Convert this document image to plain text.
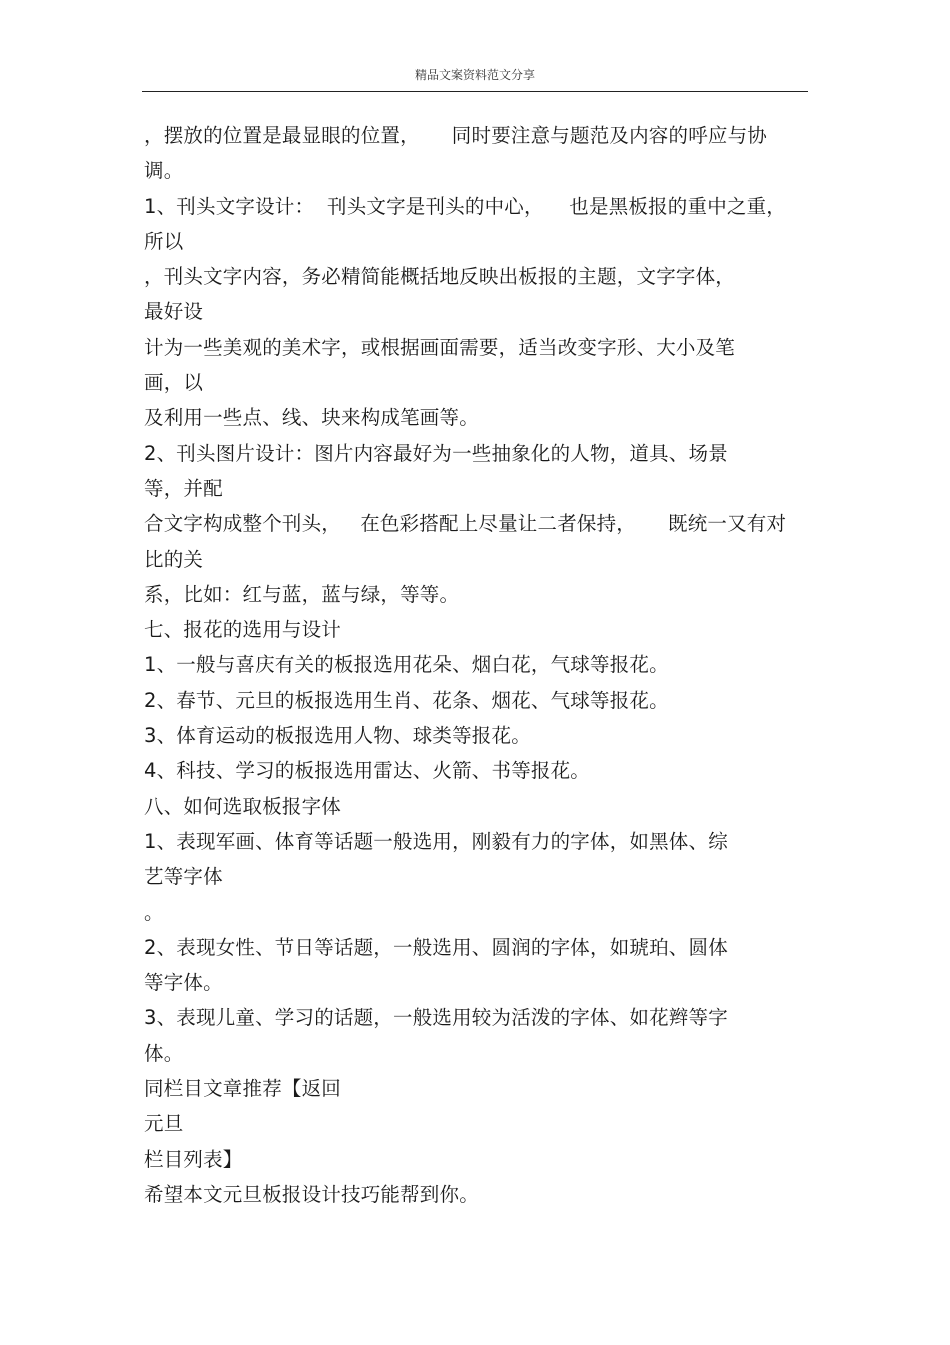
精品文案资料范文分享
，摆放的位置是最显眼的位置，     同时要注意与题范及内容的呼应与协
调。
1、刊头文字设计：  刊头文字是刊头的中心，    也是黑板报的重中之重，
所以
，刊头文字内容，务必精简能概括地反映出板报的主题，文字字体，
最好设
计为一些美观的美术字，或根据画面需要，适当改变字形、大小及笔
画，以
及利用一些点、线、块来构成笔画等。
2、刊头图片设计：图片内容最好为一些抽象化的人物，道具、场景
等，并配
合文字构成整个刊头，   在色彩搭配上尽量让二者保持，     既统一又有对
比的关
系，比如：红与蓝，蓝与绿，等等。
七、报花的选用与设计
1、一般与喜庆有关的板报选用花朵、烟白花，气球等报花。
2、春节、元旦的板报选用生肖、花条、烟花、气球等报花。
3、体育运动的板报选用人物、球类等报花。
4、科技、学习的板报选用雷达、火箭、书等报花。
八、如何选取板报字体
1、表现军画、体育等话题一般选用，刚毅有力的字体，如黑体、综
艺等字体
。
2、表现女性、节日等话题，一般选用、圆润的字体，如琥珀、圆体
等字体。
3、表现儿童、学习的话题，一般选用较为活泼的字体、如花辫等字
体。
同栏目文章推荐【返回
元旦
栏目列表】
希望本文元旦板报设计技巧能帮到你。
